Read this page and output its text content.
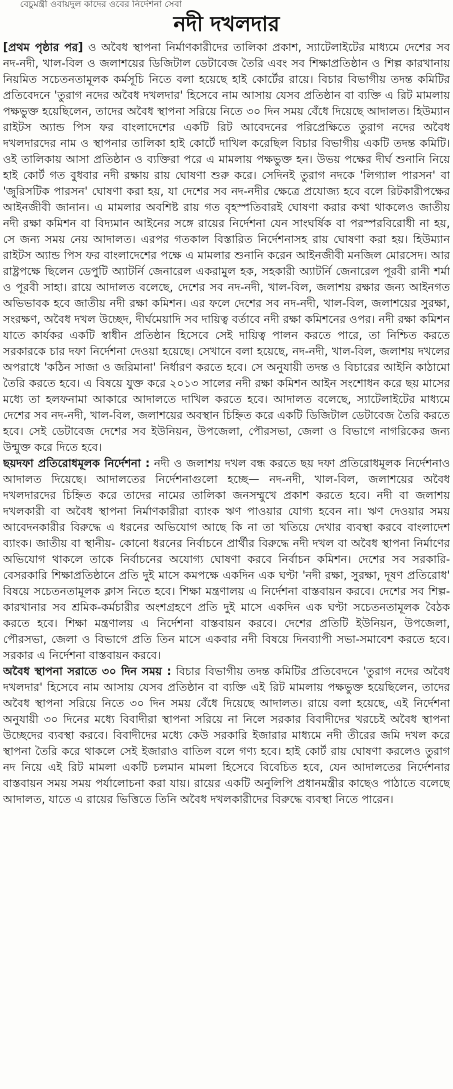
বেচুমন্ত্রী ওবায়দুল কাদের ওবের নির্দেশনা সেবা
নদী দখলদার

[প্রথম পৃষ্ঠার পর] ও অবৈধ স্থাপনা নির্মাণকারীদের তালিকা প্রকাশ, স্যাটেলাইটের মাধ্যমে দেশের সব নদ-নদী, খাল-বিল ও জলাশয়ের ডিজিটাল ডেটাবেজ তৈরি এবং সব শিক্ষাপ্রতিষ্ঠান ও শিল্প কারখানায় নিয়মিত সচেতনতামূলক কর্মসূচি নিতে বলা হয়েছে হাই কোর্টের রায়ে। বিচার বিভাগীয় তদন্ত কমিটির প্রতিবেদনে 'তুরাগ নদের অবৈধ দখলদার' হিসেবে নাম আসায় যেসব প্রতিষ্ঠান বা ব্যক্তি এ রিট মামলায় পক্ষভুক্ত হয়েছিলেন, তাদের অবৈধ স্থাপনা সরিয়ে নিতে ৩০ দিন সময় বেঁধে দিয়েছে আদালত। হিউম্যান রাইটস অ্যান্ড পিস ফর বাংলাদেশের একটি রিট আবেদনের পরিপ্রেক্ষিতে তুরাগ নদের অবৈধ দখলদারদের নাম ও স্থাপনার তালিকা হাই কোর্টে দাখিল করেছিল বিচার বিভাগীয় একটি তদন্ত কমিটি। ওই তালিকায় আসা প্রতিষ্ঠান ও ব্যক্তিরা পরে এ মামলায় পক্ষভুক্ত হন। উভয় পক্ষের দীর্ঘ শুনানি নিয়ে হাই কোর্ট গত বুধবার নদী রক্ষায় রায় ঘোষণা শুরু করে। সেদিনই তুরাগ নদকে 'লিগ্যাল পারসন' বা 'জুরিসটিক পারসন' ঘোষণা করা হয়, যা দেশের সব নদ-নদীর ক্ষেত্রে প্রযোজ্য হবে বলে রিটকারীপক্ষের আইনজীবী জানান। এ মামলার অবশিষ্ট রায় গত বৃহস্পতিবারই ঘোষণা করার কথা থাকলেও জাতীয় নদী রক্ষা কমিশন বা বিদ্যমান আইনের সঙ্গে রায়ের নির্দেশনা যেন সাংঘর্ষিক বা পরস্পরবিরোধী না হয়, সে জন্য সময় নেয় আদালত। এরপর গতকাল বিস্তারিত নির্দেশনাসহ রায় ঘোষণা করা হয়। হিউম্যান রাইটস অ্যান্ড পিস ফর বাংলাদেশের পক্ষে এ মামলার শুনানি করেন আইনজীবী মনজিল মোরসেদ। আর রাষ্ট্রপক্ষে ছিলেন ডেপুটি অ্যাটর্নি জেনারেল একরামুল হক, সহকারী অ্যাটর্নি জেনারেল পূরবী রানী শর্মা ও পূরবী সাহা। রায়ে আদালত বলেছে, দেশের সব নদ-নদী, খাল-বিল, জলাশয় রক্ষার জন্য আইনগত অভিভাবক হবে জাতীয় নদী রক্ষা কমিশন। এর ফলে দেশের সব নদ-নদী, খাল-বিল, জলাশয়ের সুরক্ষা, সংরক্ষণ, অবৈধ দখল উচ্ছেদ, দীর্ঘমেয়াদি সব দায়িত্ব বর্তাবে নদী রক্ষা কমিশনের ওপর। নদী রক্ষা কমিশন যাতে কার্যকর একটি স্বাধীন প্রতিষ্ঠান হিসেবে সেই দায়িত্ব পালন করতে পারে, তা নিশ্চিত করতে সরকারকে চার দফা নির্দেশনা দেওয়া হয়েছে। সেখানে বলা হয়েছে, নদ-নদী, খাল-বিল, জলাশয় দখলের অপরাধে 'কঠিন সাজা ও জরিমানা' নির্ধারণ করতে হবে। সে অনুযায়ী তদন্ত ও বিচারের আইনি কাঠামো তৈরি করতে হবে। এ বিষয়ে যুক্ত করে ২০১৩ সালের নদী রক্ষা কমিশন আইন সংশোধন করে ছয় মাসের মধ্যে তা হলফনামা আকারে আদালতে দাখিল করতে হবে। আদালত বলেছে, স্যাটেলাইটের মাধ্যমে দেশের সব নদ-নদী, খাল-বিল, জলাশয়ের অবস্থান চিহ্নিত করে একটি ডিজিটাল ডেটাবেজ তৈরি করতে হবে। সেই ডেটাবেজ দেশের সব ইউনিয়ন, উপজেলা, পৌরসভা, জেলা ও বিভাগে নাগরিকের জন্য উন্মুক্ত করে দিতে হবে।

ছয়দফা প্রতিরোধমূলক নির্দেশনা : নদী ও জলাশয় দখল বন্ধ করতে ছয় দফা প্রতিরোধমূলক নির্দেশনাও আদালত দিয়েছে। আদালতের নির্দেশনাগুলো হচ্ছে— নদ-নদী, খাল-বিল, জলাশয়ের অবৈধ দখলদারদের চিহ্নিত করে তাদের নামের তালিকা জনসম্মুখে প্রকাশ করতে হবে। নদী বা জলাশয় দখলকারী বা অবৈধ স্থাপনা নির্মাণকারীরা ব্যাংক ঋণ পাওয়ার যোগ্য হবেন না। ঋণ দেওয়ার সময় আবেদনকারীর বিরুদ্ধে এ ধরনের অভিযোগ আছে কি না তা খতিয়ে দেখার ব্যবস্থা করবে বাংলাদেশ ব্যাংক। জাতীয় বা স্থানীয়- কোনো ধরনের নির্বাচনে প্রার্থীর বিরুদ্ধে নদী দখল বা অবৈধ স্থাপনা নির্মাণের অভিযোগ থাকলে তাকে নির্বাচনের অযোগ্য ঘোষণা করবে নির্বাচন কমিশন। দেশের সব সরকারি-বেসরকারি শিক্ষাপ্রতিষ্ঠানে প্রতি দুই মাসে কমপক্ষে একদিন এক ঘণ্টা 'নদী রক্ষা, সুরক্ষা, দূষণ প্রতিরোধ' বিষয়ে সচেতনতামূলক ক্লাস নিতে হবে। শিক্ষা মন্ত্রণালয় এ নির্দেশনা বাস্তবায়ন করবে। দেশের সব শিল্প-কারখানার সব শ্রমিক-কর্মচারীর অংশগ্রহণে প্রতি দুই মাসে একদিন এক ঘণ্টা সচেতনতামূলক বৈঠক করতে হবে। শিক্ষা মন্ত্রণালয় এ নির্দেশনা বাস্তবায়ন করবে। দেশের প্রতিটি ইউনিয়ন, উপজেলা, পৌরসভা, জেলা ও বিভাগে প্রতি তিন মাসে একবার নদী বিষয়ে দিনব্যাপী সভা-সমাবেশ করতে হবে। সরকার এ নির্দেশনা বাস্তবায়ন করবে।

অবৈধ স্থাপনা সরাতে ৩০ দিন সময় : বিচার বিভাগীয় তদন্ত কমিটির প্রতিবেদনে 'তুরাগ নদের অবৈধ দখলদার' হিসেবে নাম আসায় যেসব প্রতিষ্ঠান বা ব্যক্তি এই রিট মামলায় পক্ষভুক্ত হয়েছিলেন, তাদের অবৈধ স্থাপনা সরিয়ে নিতে ৩০ দিন সময় বেঁধে দিয়েছে আদালত। রায়ে বলা হয়েছে, এই নির্দেশনা অনুযায়ী ৩০ দিনের মধ্যে বিবাদীরা স্থাপনা সরিয়ে না নিলে সরকার বিবাদীদের খরচেই অবৈধ স্থাপনা উচ্ছেদের ব্যবস্থা করবে। বিবাদীদের মধ্যে কেউ সরকারি ইজারার মাধ্যমে নদী তীরের জমি দখল করে স্থাপনা তৈরি করে থাকলে সেই ইজারাও বাতিল বলে গণ্য হবে। হাই কোর্ট রায় ঘোষণা করলেও তুরাগ নদ নিয়ে এই রিট মামলা একটি চলমান মামলা হিসেবে বিবেচিত হবে, যেন আদালতের নির্দেশনার বাস্তবায়ন সময় সময় পর্যালোচনা করা যায়। রায়ের একটি অনুলিপি প্রধানমন্ত্রীর কাছেও পাঠাতে বলেছে আদালত, যাতে এ রায়ের ভিত্তিতে তিনি অবৈধ দখলকারীদের বিরুদ্ধে ব্যবস্থা নিতে পারেন।
